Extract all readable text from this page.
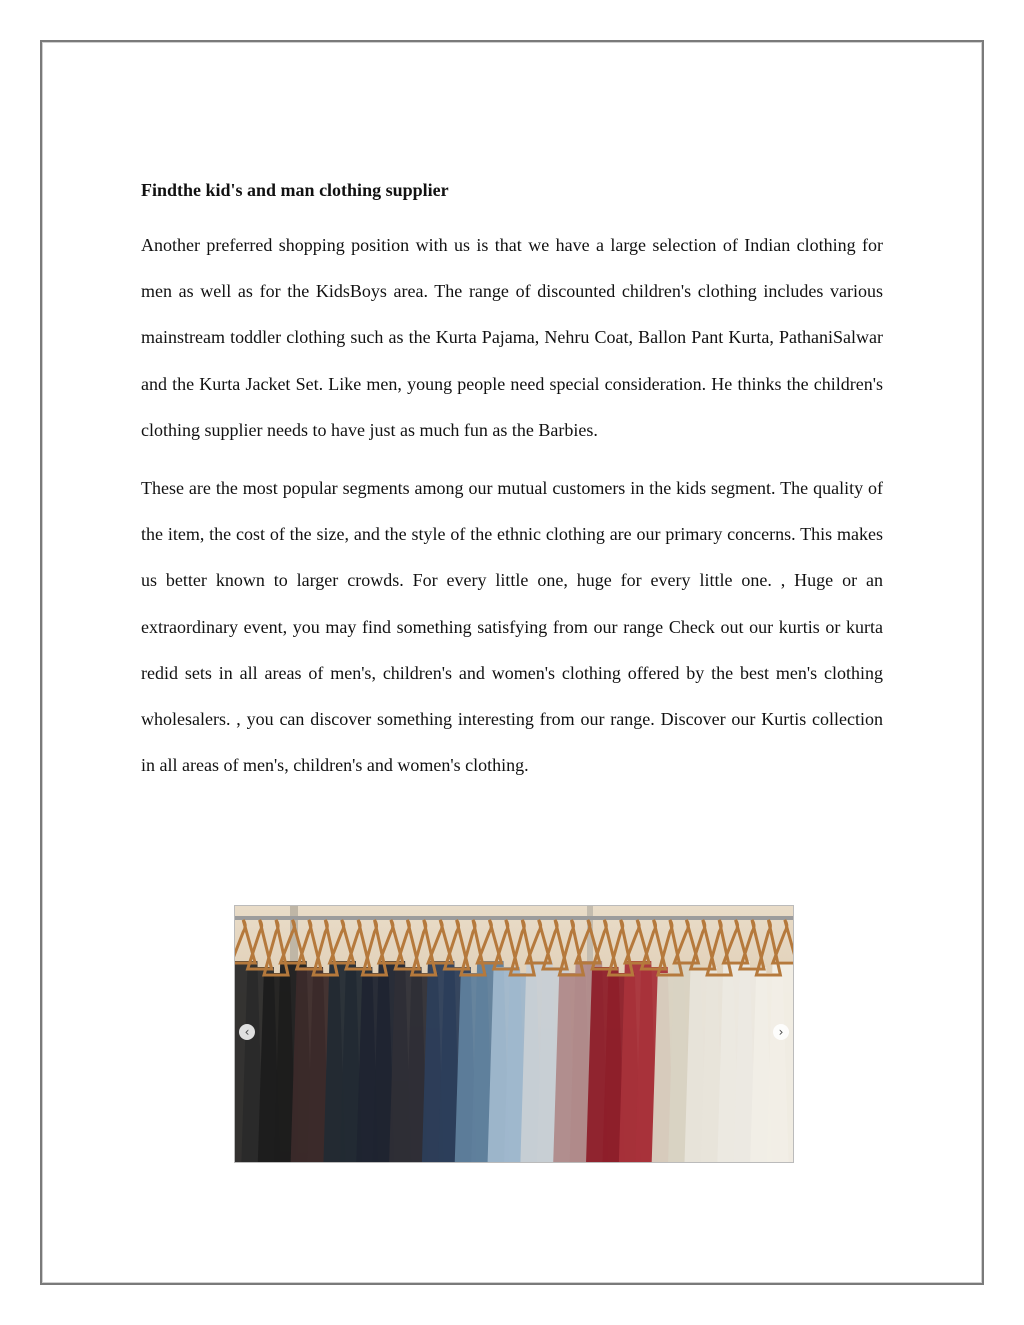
Findthe kid's and man clothing supplier

Another preferred shopping position with us is that we have a large selection of Indian clothing for men as well as for the KidsBoys area. The range of discounted children's clothing includes various mainstream toddler clothing such as the Kurta Pajama, Nehru Coat, Ballon Pant Kurta, PathaniSalwar and the Kurta Jacket Set. Like men, young people need special consideration. He thinks the children's clothing supplier needs to have just as much fun as the Barbies.

These are the most popular segments among our mutual customers in the kids segment. The quality of the item, the cost of the size, and the style of the ethnic clothing are our primary concerns. This makes us better known to larger crowds. For every little one, huge for every little one. , Huge or an extraordinary event, you may find something satisfying from our range Check out our kurtis or kurta redid sets in all areas of men's, children's and women's clothing offered by the best men's clothing wholesalers. , you can discover something interesting from our range. Discover our Kurtis collection in all areas of men's, children's and women's clothing.

‹	›
